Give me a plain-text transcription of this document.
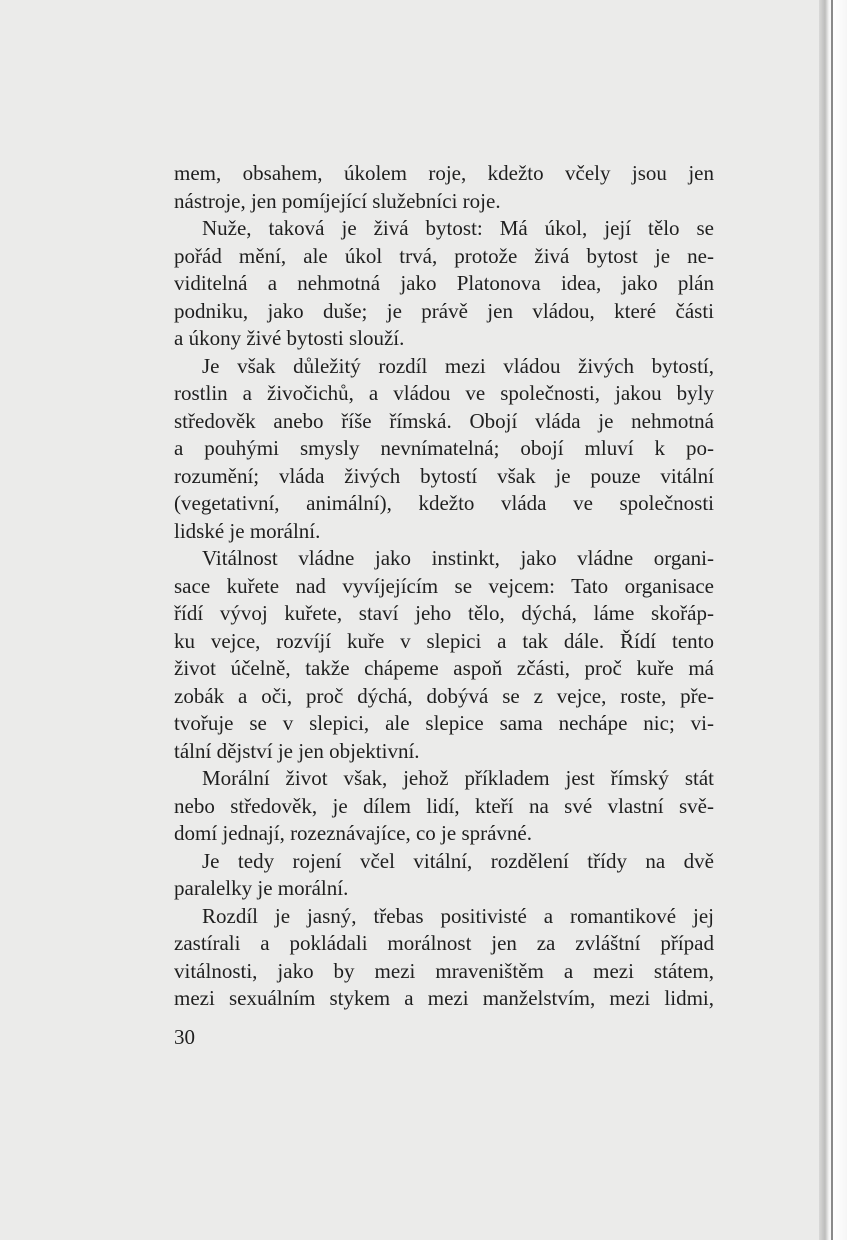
mem, obsahem, úkolem roje, kdežto včely jsou jen
nástroje, jen pomíjející služebníci roje.
Nuže, taková je živá bytost: Má úkol, její tělo se
pořád mění, ale úkol trvá, protože živá bytost je ne-
viditelná a nehmotná jako Platonova idea, jako plán
podniku, jako duše; je právě jen vládou, které části
a úkony živé bytosti slouží.
Je však důležitý rozdíl mezi vládou živých bytostí,
rostlin a živočichů, a vládou ve společnosti, jakou byly
středověk anebo říše římská. Obojí vláda je nehmotná
a pouhými smysly nevnímatelná; obojí mluví k po-
rozumění; vláda živých bytostí však je pouze vitální
(vegetativní, animální), kdežto vláda ve společnosti
lidské je morální.
Vitálnost vládne jako instinkt, jako vládne organi-
sace kuřete nad vyvíjejícím se vejcem: Tato organisace
řídí vývoj kuřete, staví jeho tělo, dýchá, láme skořáp-
ku vejce, rozvíjí kuře v slepici a tak dále. Řídí tento
život účelně, takže chápeme aspoň zčásti, proč kuře má
zobák a oči, proč dýchá, dobývá se z vejce, roste, pře-
tvořuje se v slepici, ale slepice sama nechápe nic; vi-
tální dějství je jen objektivní.
Morální život však, jehož příkladem jest římský stát
nebo středověk, je dílem lidí, kteří na své vlastní svě-
domí jednají, rozeznávajíce, co je správné.
Je tedy rojení včel vitální, rozdělení třídy na dvě
paralelky je morální.
Rozdíl je jasný, třebas positivisté a romantikové jej
zastírali a pokládali morálnost jen za zvláštní případ
vitálnosti, jako by mezi mraveništěm a mezi státem,
mezi sexuálním stykem a mezi manželstvím, mezi lidmi,
30
